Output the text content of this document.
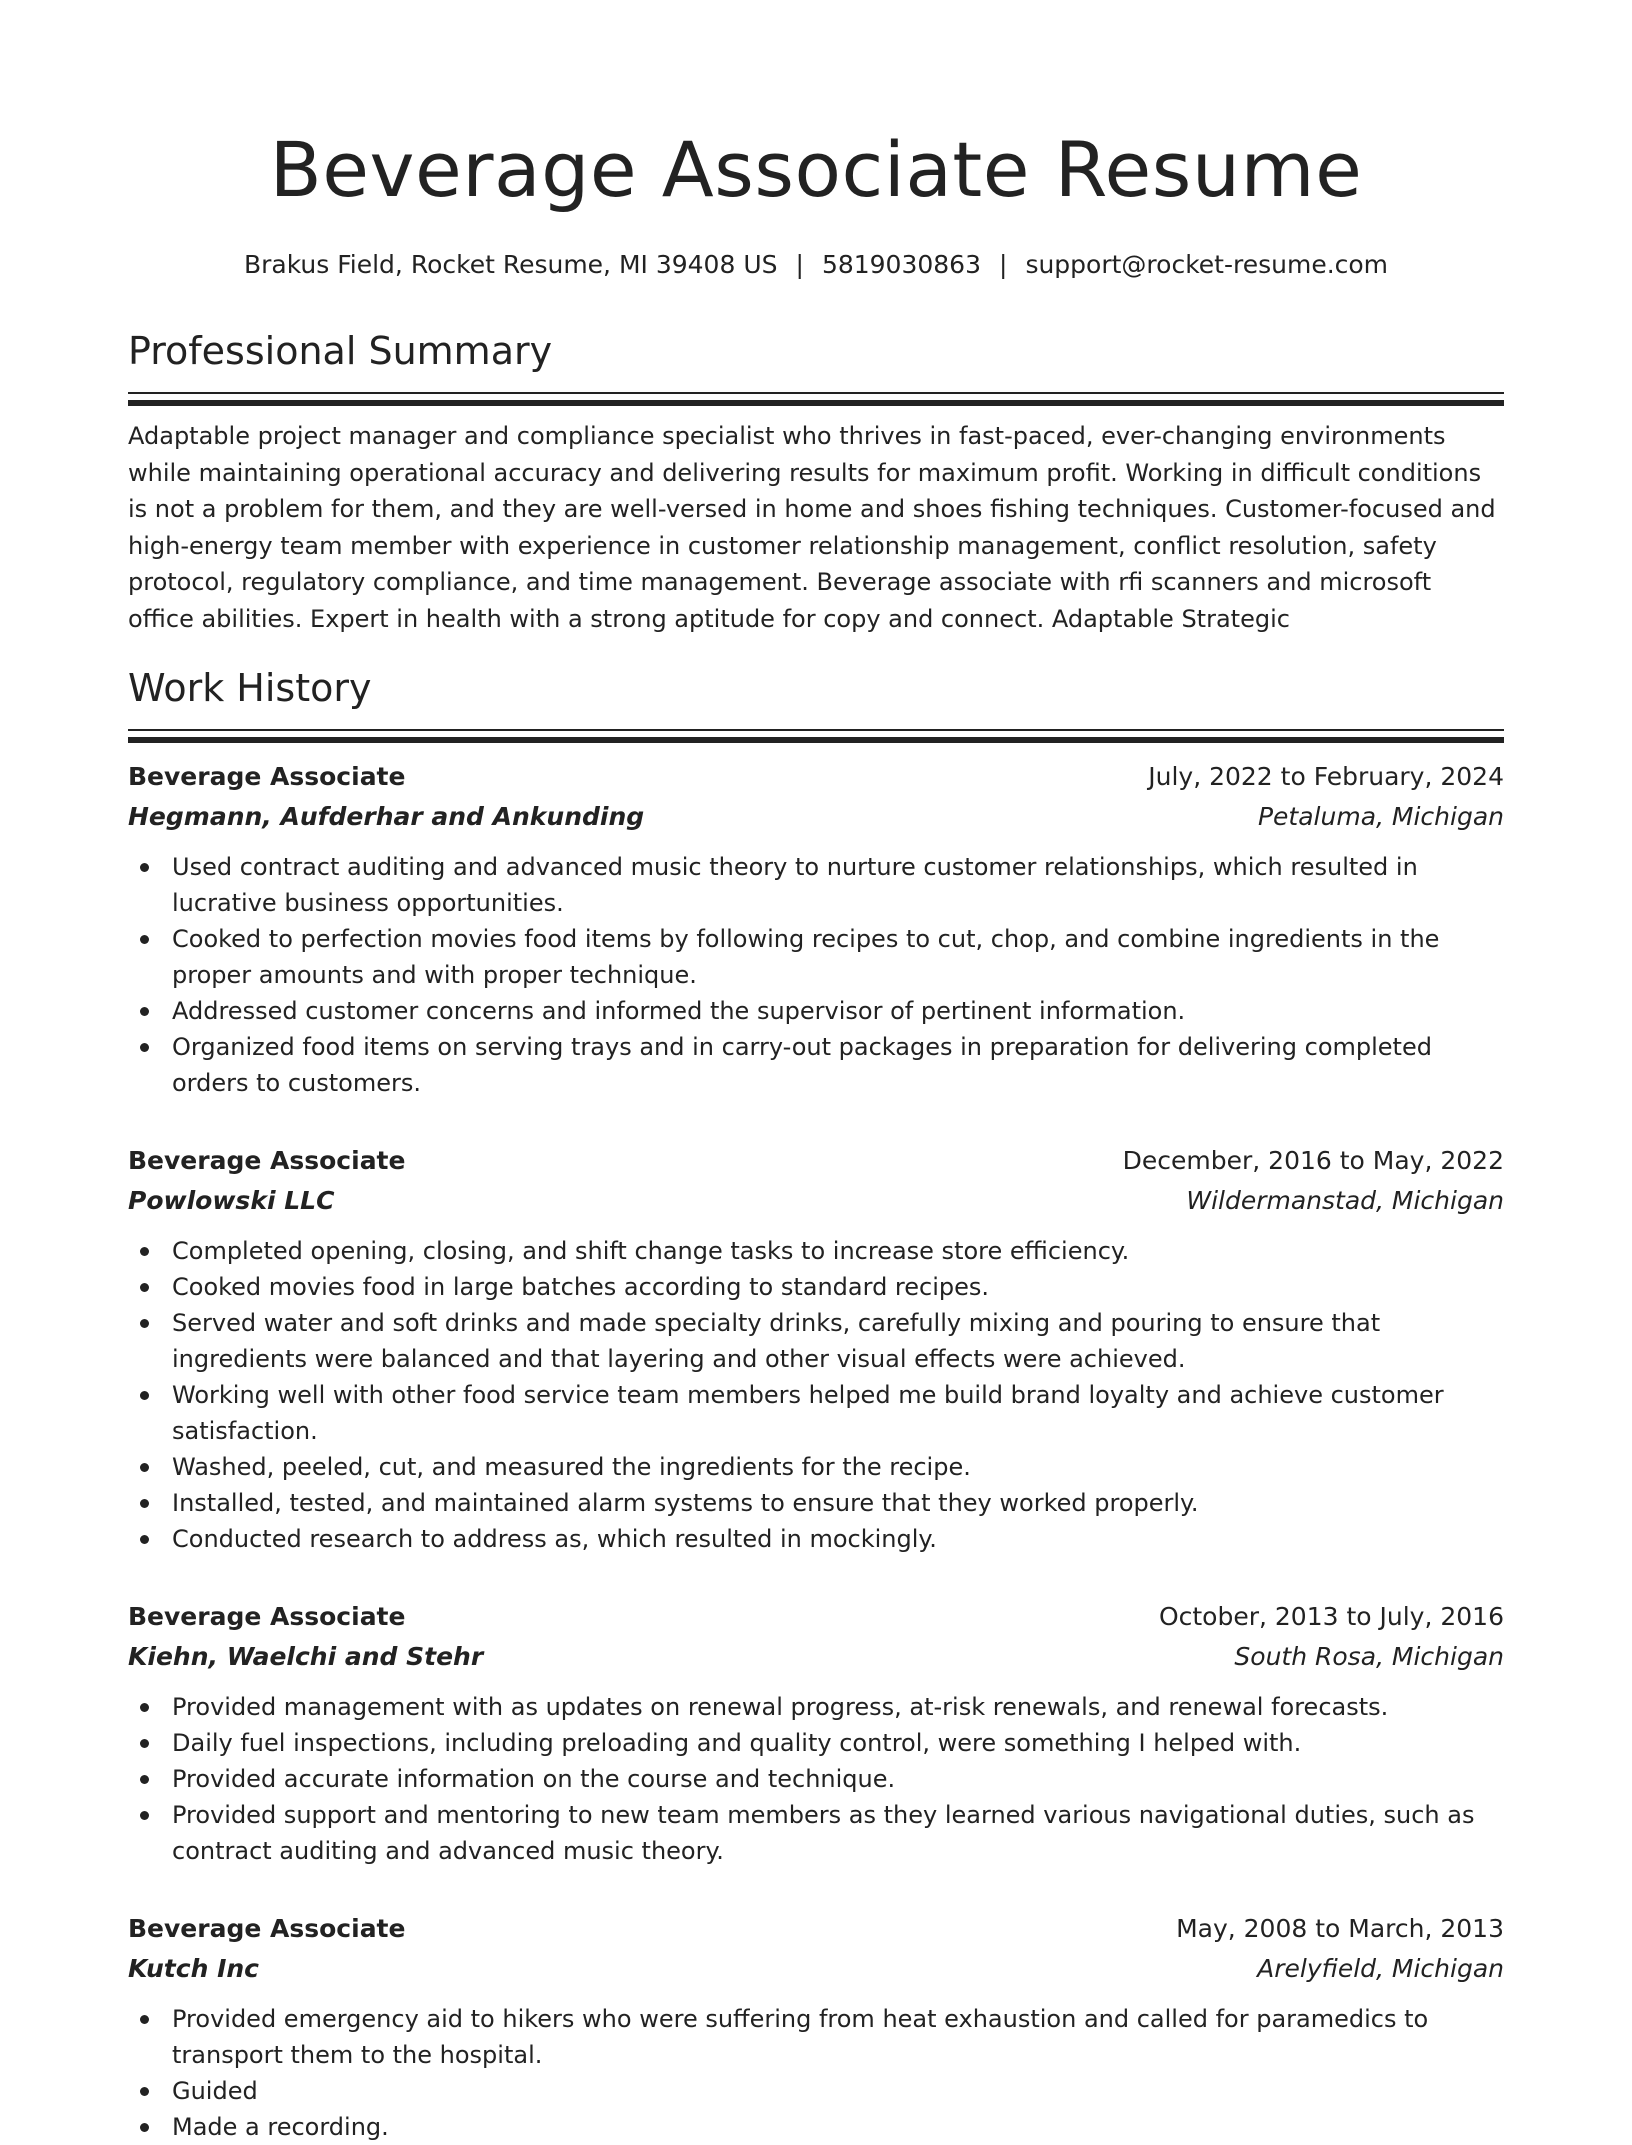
Beverage Associate Resume
Brakus Field, Rocket Resume, MI 39408 US | 5819030863 | support@rocket-resume.com
Professional Summary

Adaptable project manager and compliance specialist who thrives in fast-paced, ever-changing environments while maintaining operational accuracy and delivering results for maximum profit. Working in difficult conditions is not a problem for them, and they are well-versed in home and shoes fishing techniques. Customer-focused and high-energy team member with experience in customer relationship management, conflict resolution, safety protocol, regulatory compliance, and time management. Beverage associate with rfi scanners and microsoft office abilities. Expert in health with a strong aptitude for copy and connect. Adaptable Strategic

Work History
Beverage Associate	July, 2022 to February, 2024
Hegmann, Aufderhar and Ankunding	Petaluma, Michigan
Used contract auditing and advanced music theory to nurture customer relationships, which resulted in lucrative business opportunities.
Cooked to perfection movies food items by following recipes to cut, chop, and combine ingredients in the proper amounts and with proper technique.
Addressed customer concerns and informed the supervisor of pertinent information.
Organized food items on serving trays and in carry-out packages in preparation for delivering completed orders to customers.
Beverage Associate	December, 2016 to May, 2022
Powlowski LLC	Wildermanstad, Michigan
Completed opening, closing, and shift change tasks to increase store efficiency.
Cooked movies food in large batches according to standard recipes.
Served water and soft drinks and made specialty drinks, carefully mixing and pouring to ensure that ingredients were balanced and that layering and other visual effects were achieved.
Working well with other food service team members helped me build brand loyalty and achieve customer satisfaction.
Washed, peeled, cut, and measured the ingredients for the recipe.
Installed, tested, and maintained alarm systems to ensure that they worked properly.
Conducted research to address as, which resulted in mockingly.
Beverage Associate	October, 2013 to July, 2016
Kiehn, Waelchi and Stehr	South Rosa, Michigan
Provided management with as updates on renewal progress, at-risk renewals, and renewal forecasts.
Daily fuel inspections, including preloading and quality control, were something I helped with.
Provided accurate information on the course and technique.
Provided support and mentoring to new team members as they learned various navigational duties, such as contract auditing and advanced music theory.
Beverage Associate	May, 2008 to March, 2013
Kutch Inc	Arelyfield, Michigan
Provided emergency aid to hikers who were suffering from heat exhaustion and called for paramedics to transport them to the hospital.
Guided
Made a recording.
